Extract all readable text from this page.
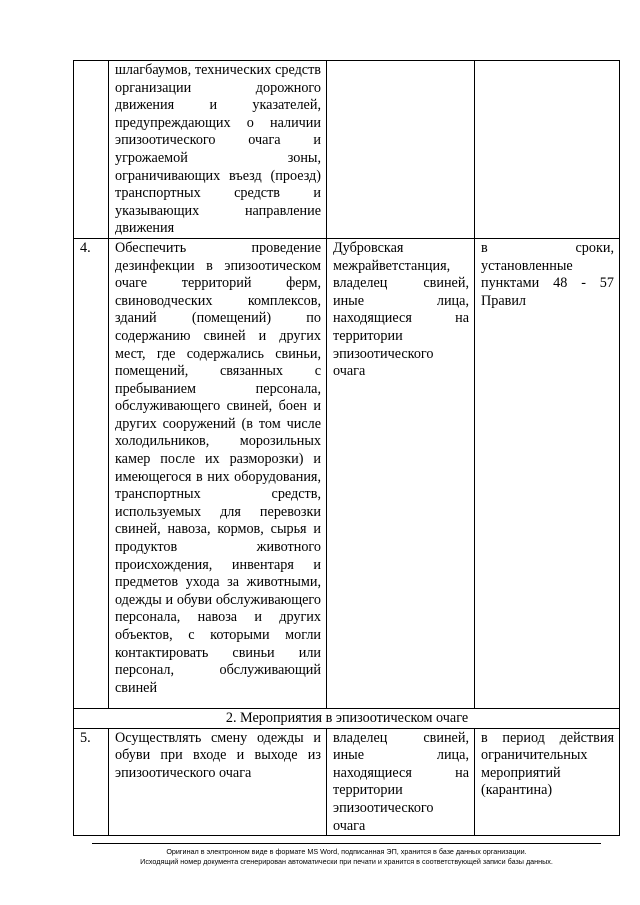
	шлагбаумов, технических средств организации дорожного движения и указателей, предупреждающих о наличии эпизоотического очага и угрожаемой зоны, ограничивающих въезд (проезд) транспортных средств и указывающих направление движения		
4.	Обеспечить проведение дезинфекции в эпизоотическом очаге территорий ферм, свиноводческих комплексов, зданий (помещений) по содержанию свиней и других мест, где содержались свиньи, помещений, связанных с пребыванием персонала, обслуживающего свиней, боен и других сооружений (в том числе холодильников, морозильных камер после их разморозки) и имеющегося в них оборудования, транспортных средств, используемых для перевозки свиней, навоза, кормов, сырья и продуктов животного происхождения, инвентаря и предметов ухода за животными, одежды и обуви обслуживающего персонала, навоза и других объектов, с которыми могли контактировать свиньи или персонал, обслуживающий свиней	Дубровская межрайветстанция, владелец свиней, иные лица, находящиеся на территории эпизоотического очага	в сроки, установленные пунктами 48 - 57 Правил
2. Мероприятия в эпизоотическом очаге			
5.	Осуществлять смену одежды и обуви при входе и выходе из эпизоотического очага	владелец свиней, иные лица, находящиеся на территории эпизоотического очага	в период действия ограничительных мероприятий (карантина)
Оригинал в электронном виде в формате MS Word, подписанная ЭП, хранится в базе данных организации.
Исходящий номер документа сгенерирован автоматически при печати и хранится в соответствующей записи базы данных.
